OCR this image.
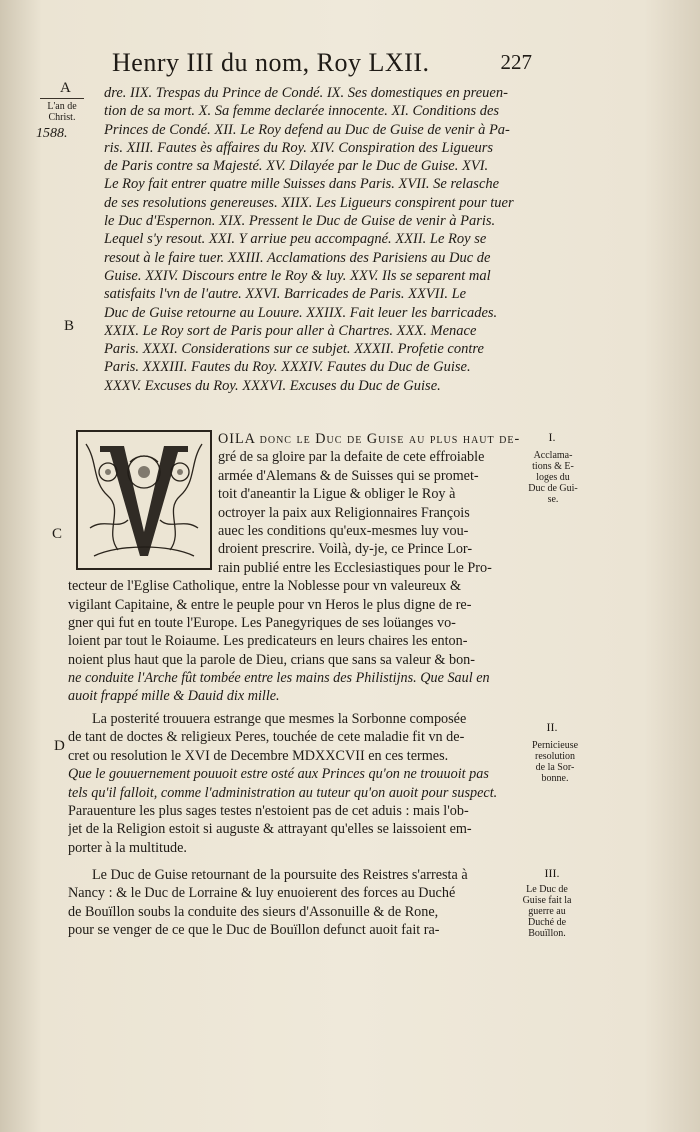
Henry III du nom, Roy LXII.	227
A
L'an de
Christ.
1588.
B
C
D
dre. IIX. Trespas du Prince de Condé. IX. Ses domestiques en preuen-
tion de sa mort. X. Sa femme declarée innocente. XI. Conditions des
Princes de Condé. XII. Le Roy defend au Duc de Guise de venir à Pa-
ris. XIII. Fautes ès affaires du Roy. XIV. Conspiration des Ligueurs
de Paris contre sa Majesté. XV. Dilayée par le Duc de Guise. XVI.
Le Roy fait entrer quatre mille Suisses dans Paris. XVII. Se relasche
de ses resolutions genereuses. XIIX. Les Ligueurs conspirent pour tuer
le Duc d'Espernon. XIX. Pressent le Duc de Guise de venir à Paris.
Lequel s'y resout. XXI. Y arriue peu accompagné. XXII. Le Roy se
resout à le faire tuer. XXIII. Acclamations des Parisiens au Duc de
Guise. XXIV. Discours entre le Roy & luy. XXV. Ils se separent mal
satisfaits l'vn de l'autre. XXVI. Barricades de Paris. XXVII. Le
Duc de Guise retourne au Louure. XXIIX. Fait leuer les barricades.
XXIX. Le Roy sort de Paris pour aller à Chartres. XXX. Menace
Paris. XXXI. Considerations sur ce subjet. XXXII. Profetie contre
Paris. XXXIII. Fautes du Roy. XXXIV. Fautes du Duc de Guise.
XXXV. Excuses du Roy. XXXVI. Excuses du Duc de Guise.
OILA donc le Duc de Guise au plus haut de-
gré de sa gloire par la defaite de cete effroiable
armée d'Alemans & de Suisses qui se promet-
toit d'aneantir la Ligue & obliger le Roy à
octroyer la paix aux Religionnaires François
auec les conditions qu'eux-mesmes luy vou-
droient prescrire. Voilà, dy-je, ce Prince Lor-
rain publié entre les Ecclesiastiques pour le Pro-
tecteur de l'Eglise Catholique, entre la Noblesse pour vn valeureux &
vigilant Capitaine, & entre le peuple pour vn Heros le plus digne de re-
gner qui fut en toute l'Europe. Les Panegyriques de ses loüanges vo-
loient par tout le Roiaume. Les predicateurs en leurs chaires les enton-
noient plus haut que la parole de Dieu, crians que sans sa valeur & bon-
ne conduite l'Arche fût tombée entre les mains des Philistijns. Que Saul en
auoit frappé mille & Dauid dix mille.
I.
Acclama-
tions & E-
loges du
Duc de Gui-
se.
La posterité trouuera estrange que mesmes la Sorbonne composée
de tant de doctes & religieux Peres, touchée de cete maladie fit vn de-
cret ou resolution le XVI de Decembre MDXXCVII en ces termes.
Que le gouuernement pouuoit estre osté aux Princes qu'on ne trouuoit pas
tels qu'il falloit, comme l'administration au tuteur qu'on auoit pour suspect.
Parauenture les plus sages testes n'estoient pas de cet aduis : mais l'ob-
jet de la Religion estoit si auguste & attrayant qu'elles se laissoient em-
porter à la multitude.
II.
Pernicieuse
resolution
de la Sor-
bonne.
Le Duc de Guise retournant de la poursuite des Reistres s'arresta à
Nancy : & le Duc de Lorraine & luy enuoierent des forces au Duché
de Bouïllon soubs la conduite des sieurs d'Assonuille & de Rone,
pour se venger de ce que le Duc de Bouïllon defunct auoit fait ra-
III.
Le Duc de
Guise fait la
guerre au
Duché de
Bouïllon.
